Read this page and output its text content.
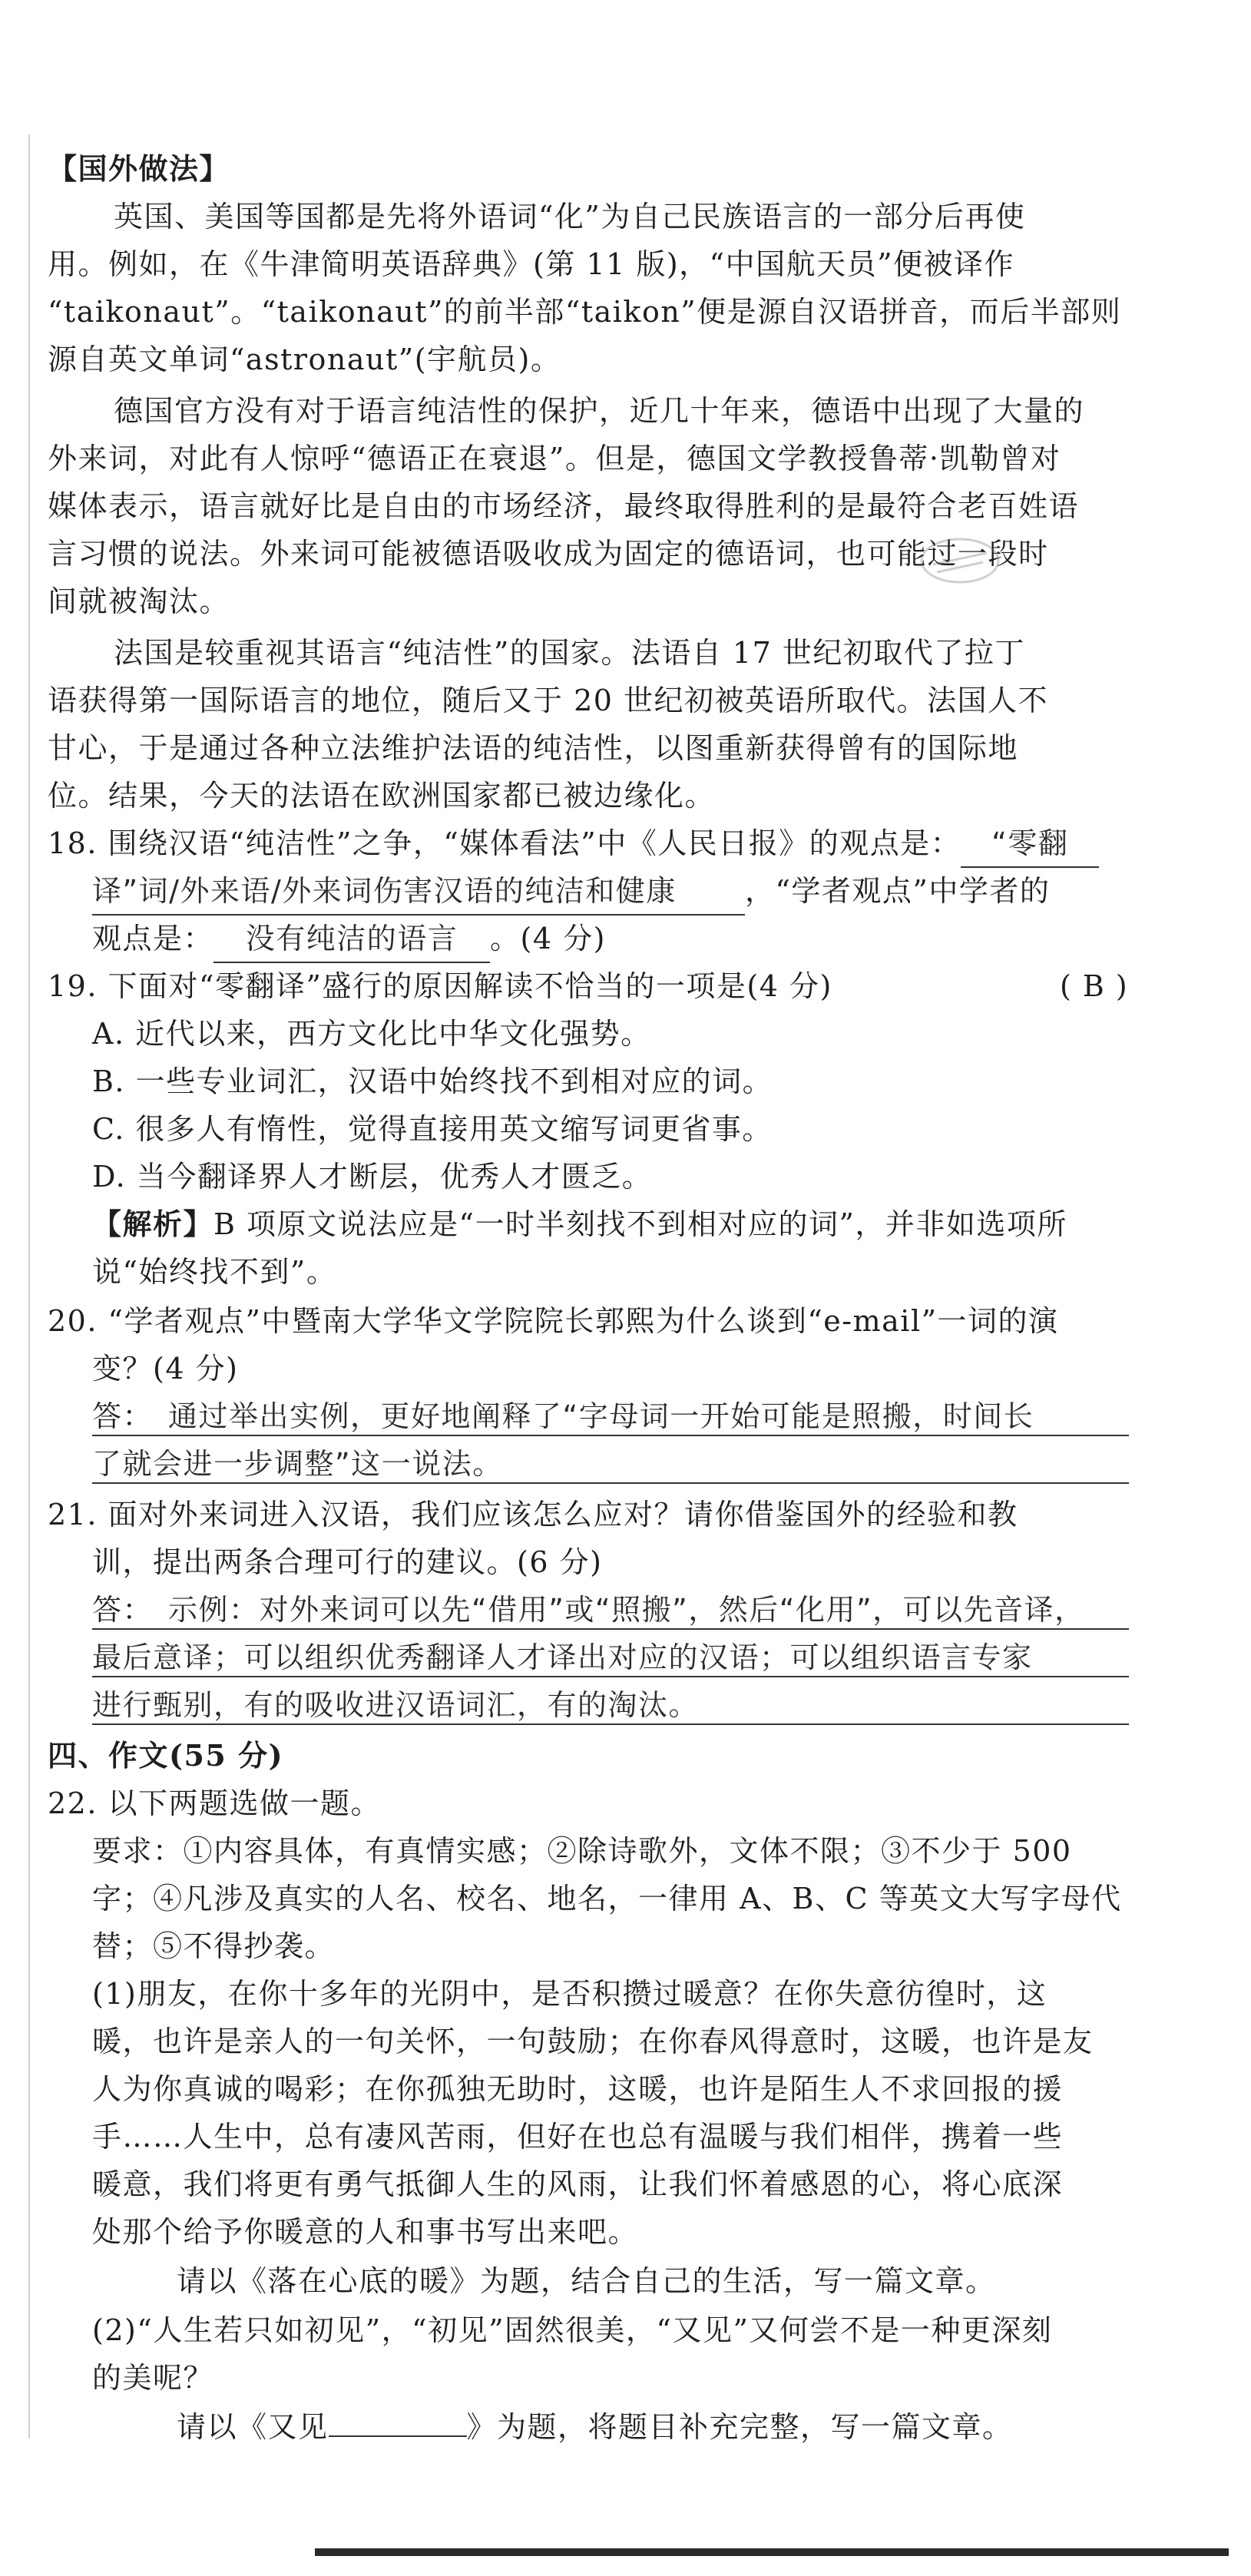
【国外做法】
英国、美国等国都是先将外语词“化”为自己民族语言的一部分后再使
用。例如，在《牛津简明英语辞典》(第 11 版)，“中国航天员”便被译作
“taikonaut”。“taikonaut”的前半部“taikon”便是源自汉语拼音，而后半部则
源自英文单词“astronaut”(宇航员)。
德国官方没有对于语言纯洁性的保护，近几十年来，德语中出现了大量的
外来词，对此有人惊呼“德语正在衰退”。但是，德国文学教授鲁蒂·凯勒曾对
媒体表示，语言就好比是自由的市场经济，最终取得胜利的是最符合老百姓语
言习惯的说法。外来词可能被德语吸收成为固定的德语词，也可能过一段时
间就被淘汰。
法国是较重视其语言“纯洁性”的国家。法语自 17 世纪初取代了拉丁
语获得第一国际语言的地位，随后又于 20 世纪初被英语所取代。法国人不
甘心，于是通过各种立法维护法语的纯洁性，以图重新获得曾有的国际地
位。结果，今天的法语在欧洲国家都已被边缘化。
18. 围绕汉语“纯洁性”之争，“媒体看法”中《人民日报》的观点是： “零翻
译”词/外来语/外来词伤害汉语的纯洁和健康 ，“学者观点”中学者的
观点是： 没有纯洁的语言 。(4 分)
19. 下面对“零翻译”盛行的原因解读不恰当的一项是(4 分)	( B )
A. 近代以来，西方文化比中华文化强势。
B. 一些专业词汇，汉语中始终找不到相对应的词。
C. 很多人有惰性，觉得直接用英文缩写词更省事。
D. 当今翻译界人才断层，优秀人才匮乏。
【解析】B 项原文说法应是“一时半刻找不到相对应的词”，并非如选项所
说“始终找不到”。
20. “学者观点”中暨南大学华文学院院长郭熙为什么谈到“e-mail”一词的演
变？(4 分)
答： 通过举出实例，更好地阐释了“字母词一开始可能是照搬，时间长
了就会进一步调整”这一说法。
21. 面对外来词进入汉语，我们应该怎么应对？请你借鉴国外的经验和教
训，提出两条合理可行的建议。(6 分)
答： 示例：对外来词可以先“借用”或“照搬”，然后“化用”，可以先音译，
最后意译；可以组织优秀翻译人才译出对应的汉语；可以组织语言专家
进行甄别，有的吸收进汉语词汇，有的淘汰。
四、作文(55 分)
22. 以下两题选做一题。
要求：①内容具体，有真情实感；②除诗歌外，文体不限；③不少于 500
字；④凡涉及真实的人名、校名、地名，一律用 A、B、C 等英文大写字母代
替；⑤不得抄袭。
(1)朋友，在你十多年的光阴中，是否积攒过暖意？在你失意彷徨时，这
暖，也许是亲人的一句关怀，一句鼓励；在你春风得意时，这暖，也许是友
人为你真诚的喝彩；在你孤独无助时，这暖，也许是陌生人不求回报的援
手……人生中，总有凄风苦雨，但好在也总有温暖与我们相伴，携着一些
暖意，我们将更有勇气抵御人生的风雨，让我们怀着感恩的心，将心底深
处那个给予你暖意的人和事书写出来吧。
请以《落在心底的暖》为题，结合自己的生活，写一篇文章。
(2)“人生若只如初见”，“初见”固然很美，“又见”又何尝不是一种更深刻
的美呢？
请以《又见	》为题，将题目补充完整，写一篇文章。
